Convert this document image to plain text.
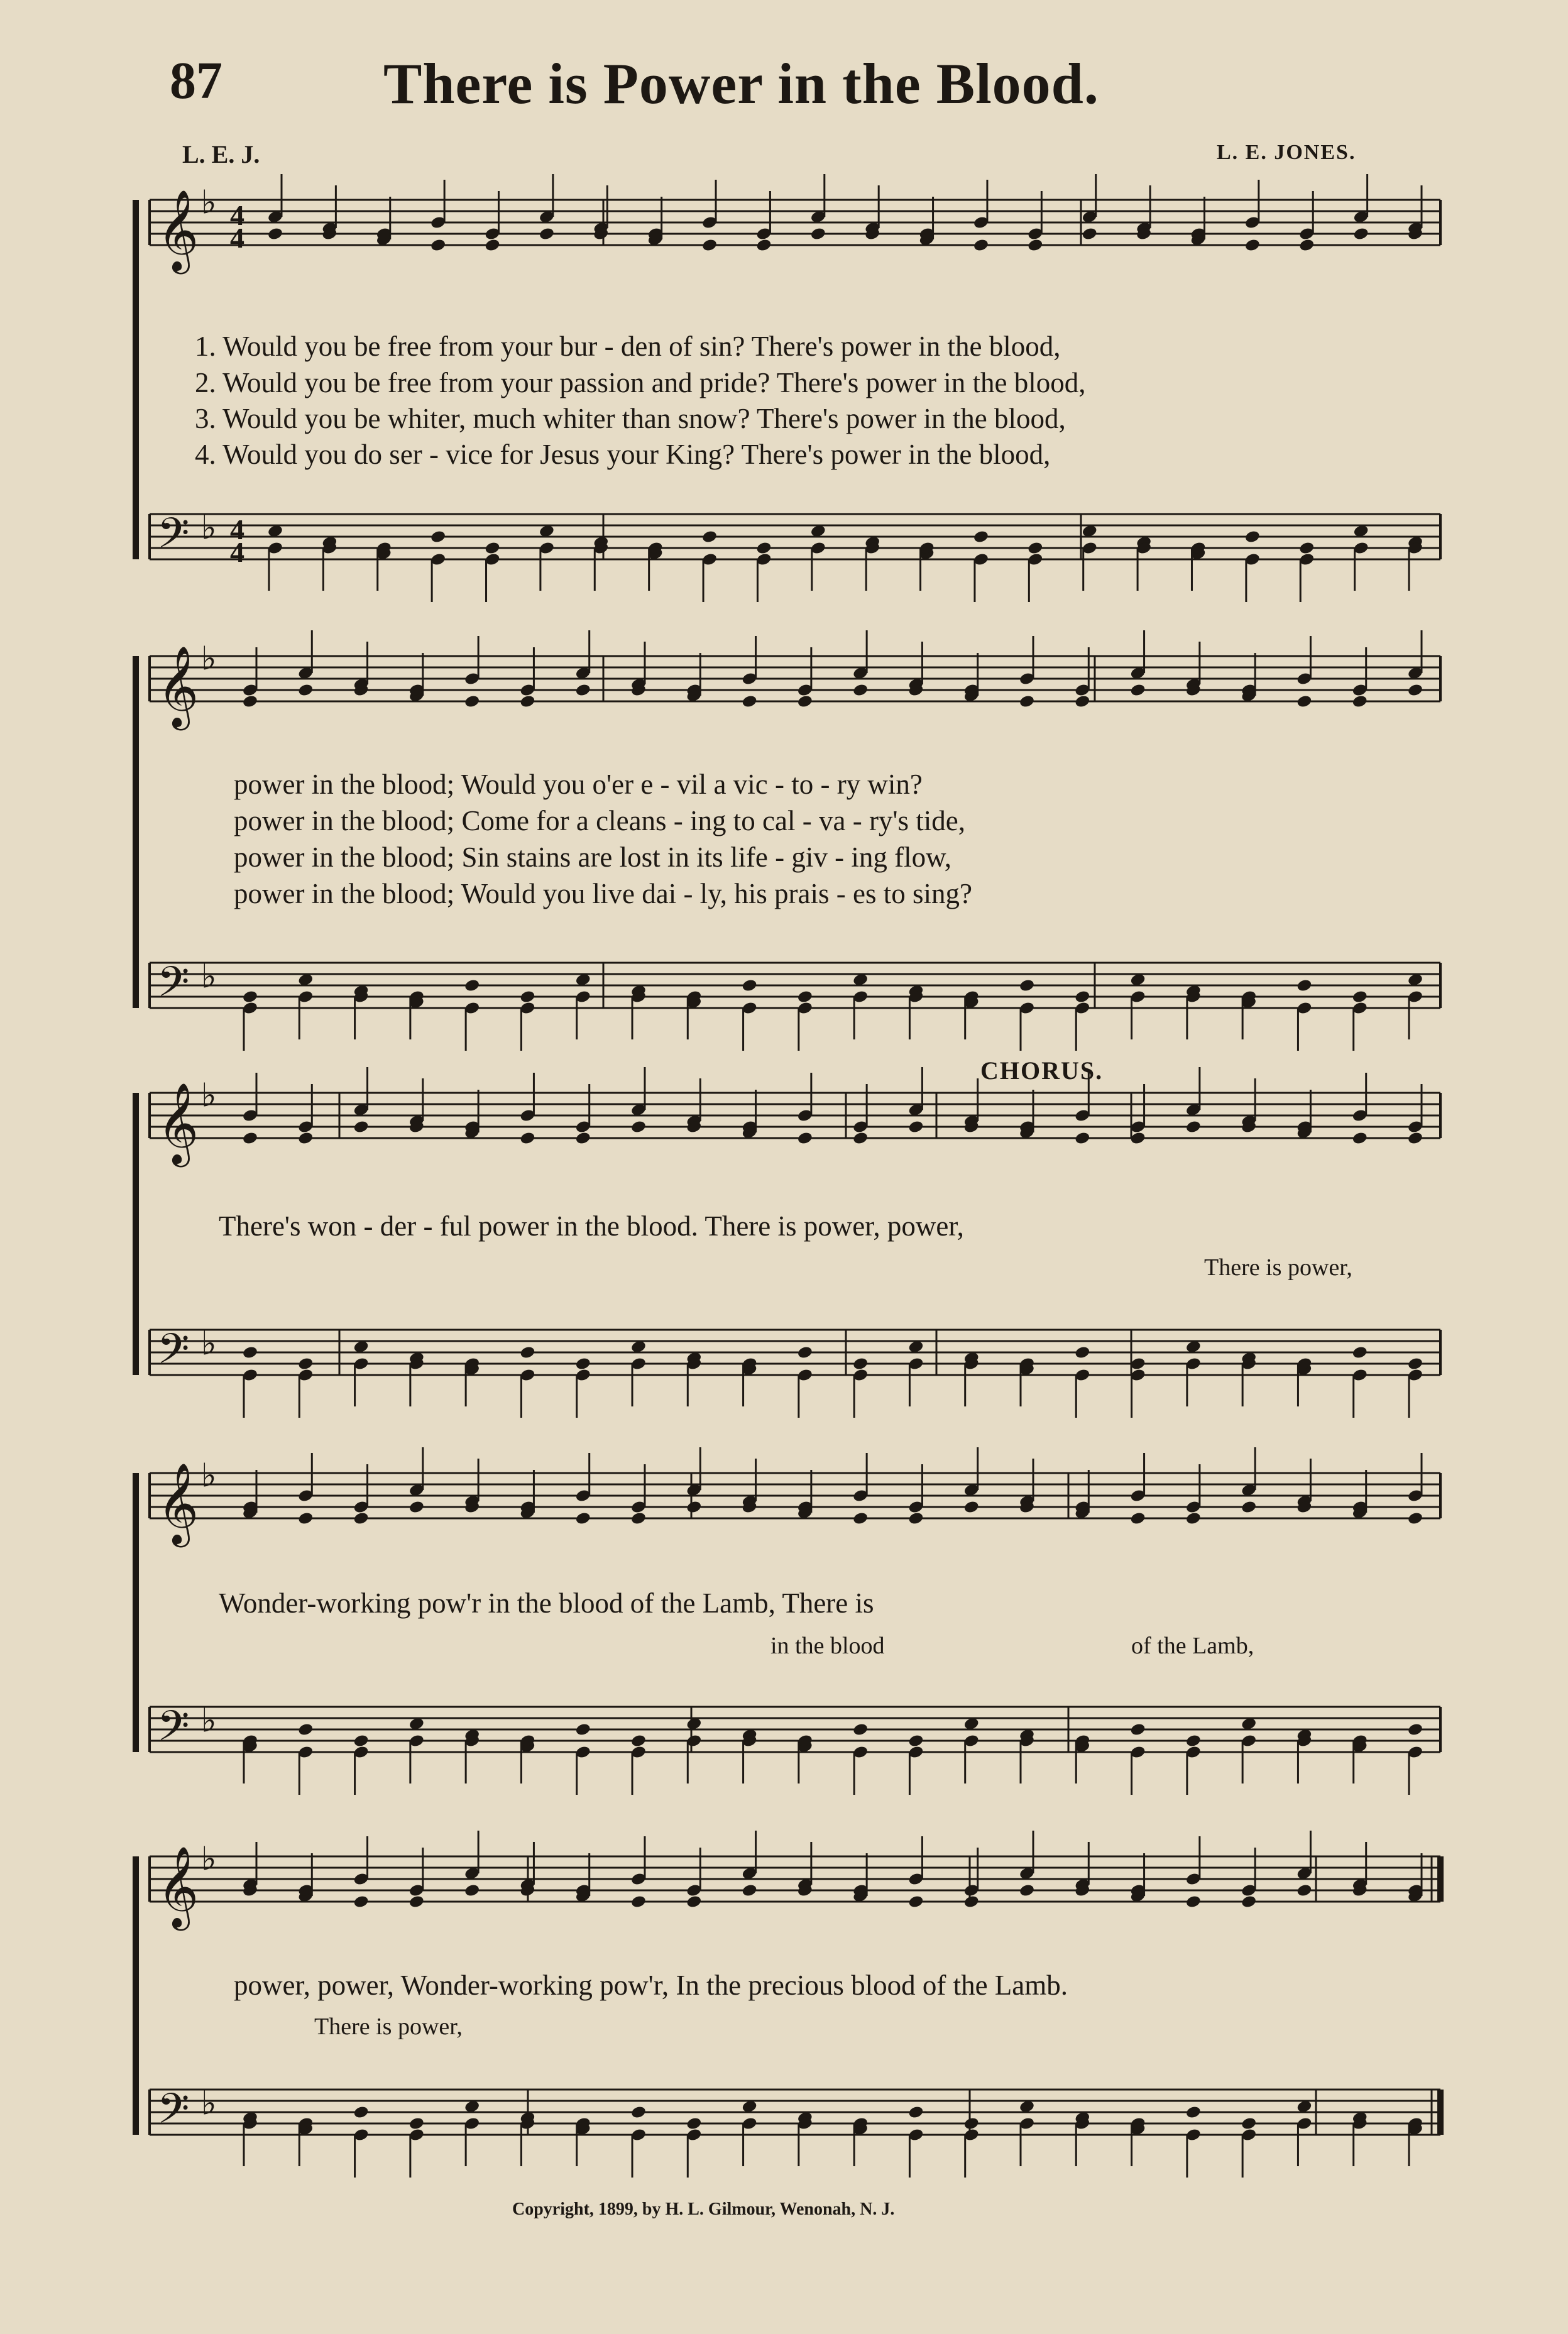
𝄞 ♭ 4
4
𝄢 ♭ 4
4
𝄞 ♭
𝄢 ♭
𝄞 ♭
𝄢 ♭
𝄞 ♭
𝄢 ♭
𝄞 ♭
𝄢 ♭
87	There is Power in the Blood.
L. E. J.	L. E. JONES.
1. Would you be free from your bur - den of sin? There's power in the blood,
2. Would you be free from your passion and pride? There's power in the blood,
3. Would you be whiter, much whiter than snow? There's power in the blood,
4. Would you do ser - vice for Jesus your King? There's power in the blood,
power in the blood; Would you o'er e - vil a vic - to - ry win?
power in the blood; Come for a cleans - ing to cal - va - ry's tide,
power in the blood; Sin stains are lost in its life - giv - ing flow,
power in the blood; Would you live dai - ly, his prais - es to sing?
CHORUS.
There's won - der - ful power in the blood. There is power, power,
There is power,
Wonder-working pow'r in the blood of the Lamb, There is
in the blood	of the Lamb,
power, power, Wonder-working pow'r, In the precious blood of the Lamb.
There is power,
Copyright, 1899, by H. L. Gilmour, Wenonah, N. J.
